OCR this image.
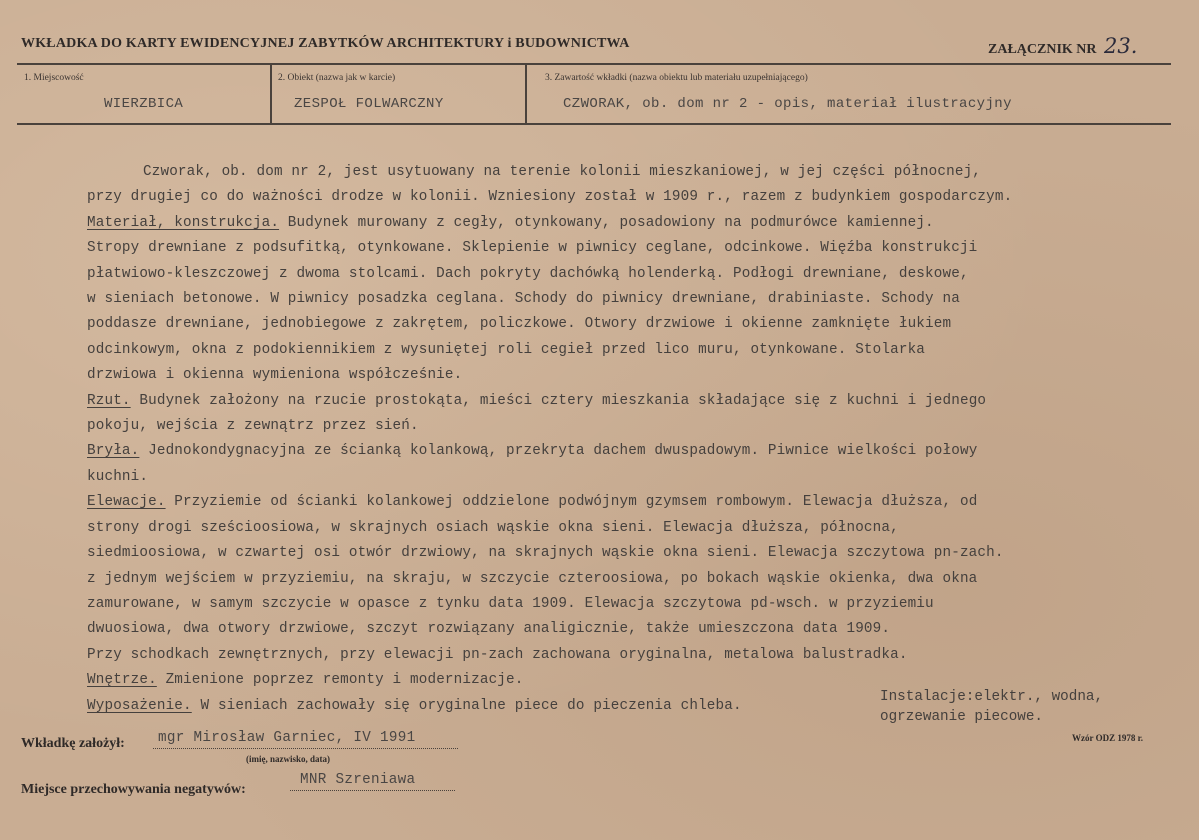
WKŁADKA DO KARTY EWIDENCYJNEJ ZABYTKÓW ARCHITEKTURY i BUDOWNICTWA	ZAŁĄCZNIK NR 23.
1. Miejscowość
WIERZBICA
2. Obiekt (nazwa jak w karcie)
ZESPOŁ FOLWARCZNY
3. Zawartość wkładki (nazwa obiektu lub materiału uzupełniającego)
CZWORAK, ob. dom nr 2 - opis, materiał ilustracyjny

Czworak, ob. dom nr 2, jest usytuowany na terenie kolonii mieszkaniowej, w jej części północnej,

przy drugiej co do ważności drodze w kolonii. Wzniesiony został w 1909 r., razem z budynkiem gospodarczym.

Materiał, konstrukcja. Budynek murowany z cegły, otynkowany, posadowiony na podmurówce kamiennej.

Stropy drewniane z podsufitką, otynkowane. Sklepienie w piwnicy ceglane, odcinkowe. Więźba konstrukcji

płatwiowo-kleszczowej z dwoma stolcami. Dach pokryty dachówką holenderką. Podłogi drewniane, deskowe,

w sieniach betonowe. W piwnicy posadzka ceglana. Schody do piwnicy drewniane, drabiniaste. Schody na

poddasze drewniane, jednobiegowe z zakrętem, policzkowe. Otwory drzwiowe i okienne zamknięte łukiem

odcinkowym, okna z podokiennikiem z wysuniętej roli cegieł przed lico muru, otynkowane. Stolarka

drzwiowa i okienna wymieniona współcześnie.

Rzut. Budynek założony na rzucie prostokąta, mieści cztery mieszkania składające się z kuchni i jednego

pokoju, wejścia z zewnątrz przez sień.

Bryła. Jednokondygnacyjna ze ścianką kolankową, przekryta dachem dwuspadowym. Piwnice wielkości połowy

kuchni.

Elewacje. Przyziemie od ścianki kolankowej oddzielone podwójnym gzymsem rombowym. Elewacja dłuższa, od

strony drogi sześcioosiowa, w skrajnych osiach wąskie okna sieni. Elewacja dłuższa, północna,

siedmioosiowa, w czwartej osi otwór drzwiowy, na skrajnych wąskie okna sieni. Elewacja szczytowa pn-zach.

z jednym wejściem w przyziemiu, na skraju, w szczycie czteroosiowa, po bokach wąskie okienka, dwa okna

zamurowane, w samym szczycie w opasce z tynku data 1909. Elewacja szczytowa pd-wsch. w przyziemiu

dwuosiowa, dwa otwory drzwiowe, szczyt rozwiązany analigicznie, także umieszczona data 1909.

Przy schodkach zewnętrznych, przy elewacji pn-zach zachowana oryginalna, metalowa balustradka.

Wnętrze. Zmienione poprzez remonty i modernizacje.

Wyposażenie. W sieniach zachowały się oryginalne piece do pieczenia chleba.

Instalacje:elektr., wodna,
ogrzewanie piecowe.
Wkładkę założył: mgr Mirosław Garniec, IV 1991
(imię, nazwisko, data)
Wzór ODZ 1978 r.
Miejsce przechowywania negatywów:
MNR Szreniawa
